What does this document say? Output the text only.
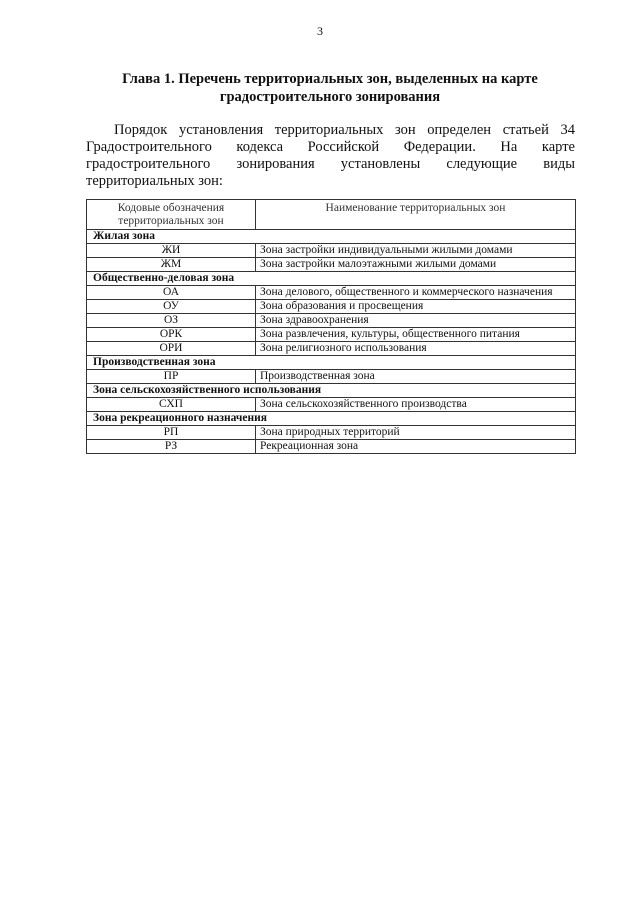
3
Глава 1. Перечень территориальных зон, выделенных на карте градостроительного зонирования
Порядок установления территориальных зон определен статьей 34 Градостроительного кодекса Российской Федерации. На карте градостроительного зонирования установлены следующие виды территориальных зон:
Кодовые обозначения территориальных зон	Наименование территориальных зон
Жилая зона	
ЖИ	Зона застройки индивидуальными жилыми домами
ЖМ	Зона застройки малоэтажными жилыми домами
Общественно-деловая зона	
ОА	Зона делового, общественного и коммерческого назначения
ОУ	Зона образования и просвещения
ОЗ	Зона здравоохранения
ОРК	Зона развлечения, культуры, общественного питания
ОРИ	Зона религиозного использования
Производственная зона	
ПР	Производственная зона
Зона сельскохозяйственного использования	
СХП	Зона сельскохозяйственного производства
Зона рекреационного назначения	
РП	Зона природных территорий
РЗ	Рекреационная зона
